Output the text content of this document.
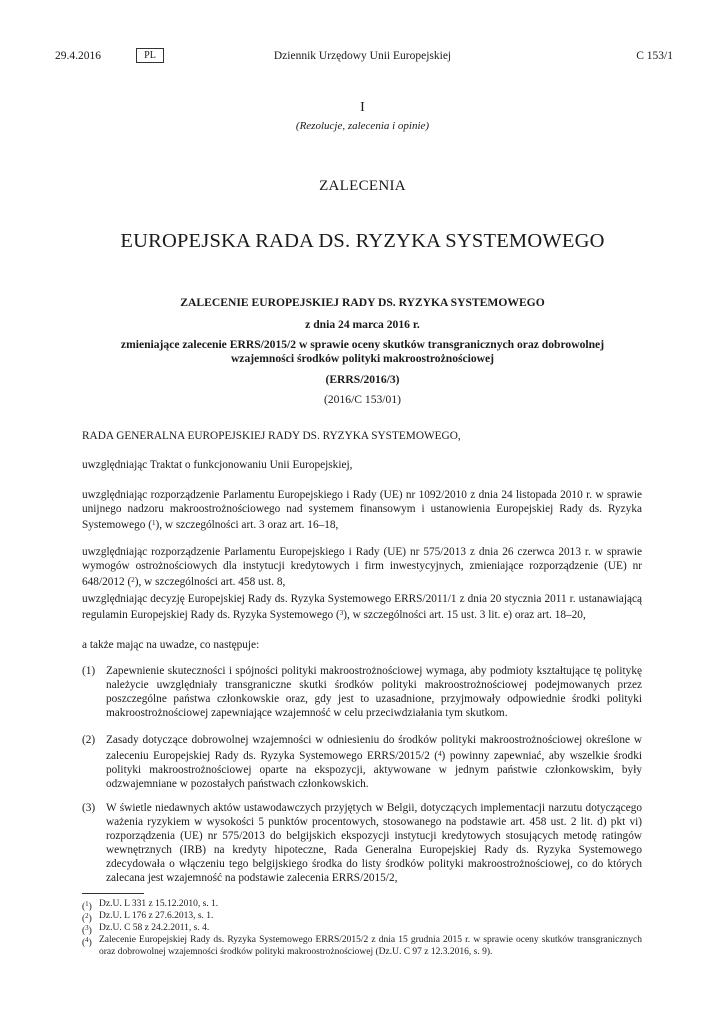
29.4.2016	PL	Dziennik Urzędowy Unii Europejskiej	C 153/1
I
(Rezolucje, zalecenia i opinie)
ZALECENIA
EUROPEJSKA RADA DS. RYZYKA SYSTEMOWEGO
ZALECENIE EUROPEJSKIEJ RADY DS. RYZYKA SYSTEMOWEGO
z dnia 24 marca 2016 r.
zmieniające zalecenie ERRS/2015/2 w sprawie oceny skutków transgranicznych oraz dobrowolnej wzajemności środków polityki makroostrożnościowej
(ERRS/2016/3)
(2016/C 153/01)
RADA GENERALNA EUROPEJSKIEJ RADY DS. RYZYKA SYSTEMOWEGO,
uwzględniając Traktat o funkcjonowaniu Unii Europejskiej,
uwzględniając rozporządzenie Parlamentu Europejskiego i Rady (UE) nr 1092/2010 z dnia 24 listopada 2010 r. w sprawie unijnego nadzoru makroostrożnościowego nad systemem finansowym i ustanowienia Europejskiej Rady ds. Ryzyka Systemowego ($^1$), w szczególności art. 3 oraz art. 16–18,
uwzględniając rozporządzenie Parlamentu Europejskiego i Rady (UE) nr 575/2013 z dnia 26 czerwca 2013 r. w sprawie wymogów ostrożnościowych dla instytucji kredytowych i firm inwestycyjnych, zmieniające rozporządzenie (UE) nr 648/2012 ($^2$), w szczególności art. 458 ust. 8,
uwzględniając decyzję Europejskiej Rady ds. Ryzyka Systemowego ERRS/2011/1 z dnia 20 stycznia 2011 r. ustanawiającą regulamin Europejskiej Rady ds. Ryzyka Systemowego ($^3$), w szczególności art. 15 ust. 3 lit. e) oraz art. 18–20,
a także mając na uwadze, co następuje:
(1) Zapewnienie skuteczności i spójności polityki makroostrożnościowej wymaga, aby podmioty kształtujące tę politykę należycie uwzględniały transgraniczne skutki środków polityki makroostrożnościowej podejmowanych przez poszczególne państwa członkowskie oraz, gdy jest to uzasadnione, przyjmowały odpowiednie środki polityki makroostrożnościowej zapewniające wzajemność w celu przeciwdziałania tym skutkom.
(2) Zasady dotyczące dobrowolnej wzajemności w odniesieniu do środków polityki makroostrożnościowej określone w zaleceniu Europejskiej Rady ds. Ryzyka Systemowego ERRS/2015/2 ($^4$) powinny zapewniać, aby wszelkie środki polityki makroostrożnościowej oparte na ekspozycji, aktywowane w jednym państwie członkowskim, były odzwajemniane w pozostałych państwach członkowskich.
(3) W świetle niedawnych aktów ustawodawczych przyjętych w Belgii, dotyczących implementacji narzutu dotyczącego ważenia ryzykiem w wysokości 5 punktów procentowych, stosowanego na podstawie art. 458 ust. 2 lit. d) pkt vi) rozporządzenia (UE) nr 575/2013 do belgijskich ekspozycji instytucji kredytowych stosujących metodę ratingów wewnętrznych (IRB) na kredyty hipoteczne, Rada Generalna Europejskiej Rady ds. Ryzyka Systemowego zdecydowała o włączeniu tego belgijskiego środka do listy środków polityki makroostrożnościowej, co do których zalecana jest wzajemność na podstawie zalecenia ERRS/2015/2,
($^1$) Dz.U. L 331 z 15.12.2010, s. 1.
($^2$) Dz.U. L 176 z 27.6.2013, s. 1.
($^3$) Dz.U. C 58 z 24.2.2011, s. 4.
($^4$) Zalecenie Europejskiej Rady ds. Ryzyka Systemowego ERRS/2015/2 z dnia 15 grudnia 2015 r. w sprawie oceny skutków transgranicznych oraz dobrowolnej wzajemności środków polityki makroostrożnościowej (Dz.U. C 97 z 12.3.2016, s. 9).
